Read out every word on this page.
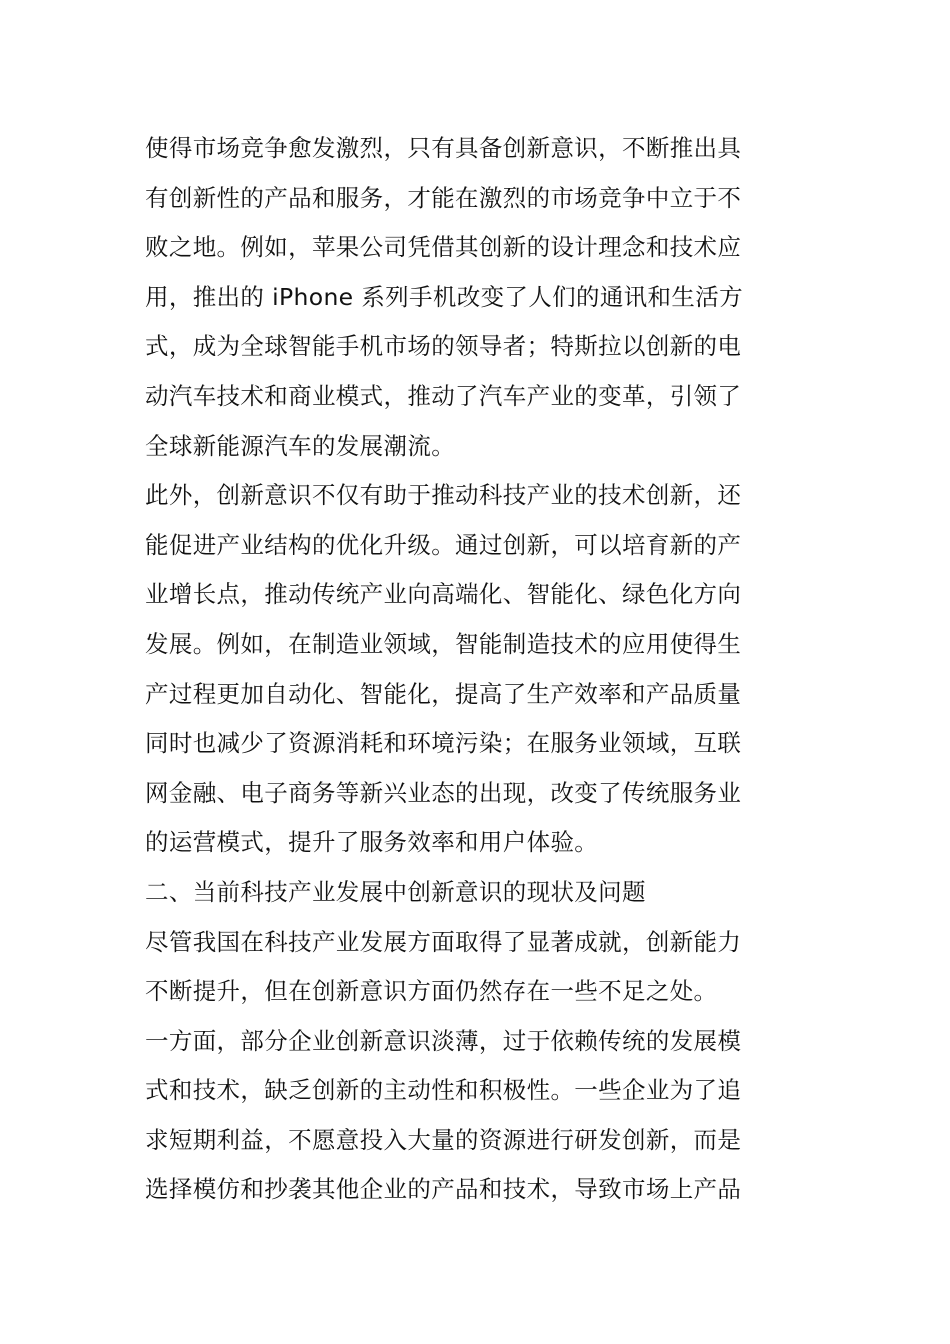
使得市场竞争愈发激烈，只有具备创新意识，不断推出具
有创新性的产品和服务，才能在激烈的市场竞争中立于不
败之地。例如，苹果公司凭借其创新的设计理念和技术应
用，推出的 iPhone 系列手机改变了人们的通讯和生活方
式，成为全球智能手机市场的领导者；特斯拉以创新的电
动汽车技术和商业模式，推动了汽车产业的变革，引领了
全球新能源汽车的发展潮流。
此外，创新意识不仅有助于推动科技产业的技术创新，还
能促进产业结构的优化升级。通过创新，可以培育新的产
业增长点，推动传统产业向高端化、智能化、绿色化方向
发展。例如，在制造业领域，智能制造技术的应用使得生
产过程更加自动化、智能化，提高了生产效率和产品质量
同时也减少了资源消耗和环境污染；在服务业领域，互联
网金融、电子商务等新兴业态的出现，改变了传统服务业
的运营模式，提升了服务效率和用户体验。
二、当前科技产业发展中创新意识的现状及问题
尽管我国在科技产业发展方面取得了显著成就，创新能力
不断提升，但在创新意识方面仍然存在一些不足之处。
一方面，部分企业创新意识淡薄，过于依赖传统的发展模
式和技术，缺乏创新的主动性和积极性。一些企业为了追
求短期利益，不愿意投入大量的资源进行研发创新，而是
选择模仿和抄袭其他企业的产品和技术，导致市场上产品
